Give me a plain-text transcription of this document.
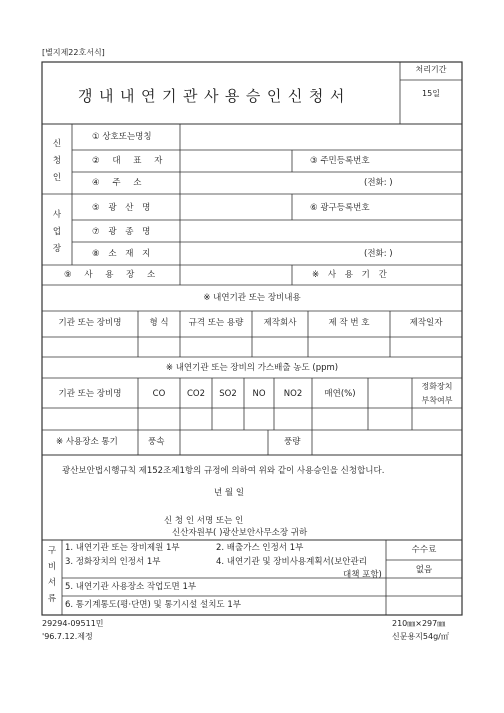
[별지제22호서식]
갱내내연기관사용승인신청서
처리기간
15일
신
청
인
① 상호또는명칭
② 대 표 자	③ 주민등록번호
④ 주 소	(전화: )
사
업
장
⑤ 광 산 명	⑥ 광구등록번호
⑦ 광 종 명
⑧ 소 재 지	(전화: )
⑨ 사 용 장 소	※ 사 용 기 간
※ 내연기관 또는 장비내용
기관 또는 장비명	형 식	규격 또는 용량	제작회사	제 작 번 호	제작일자
※ 내연기관 또는 장비의 가스배출 농도 (ppm)
기관 또는 장비명	CO	CO2	SO2	NO	NO2	매연(%)
정화장치
부착여부
※ 사용장소 통기	풍속	풍량
광산보안법시행규칙 제152조제1항의 규정에 의하여 위와 같이 사용승인을 신청합니다.
년 월 일
신 청 인 서명 또는 인
신산자원부( )광산보안사무소장 귀하
구
비
서
류
1. 내연기관 또는 장비제원 1부	2. 배출가스 인정서 1부
3. 정화장치의 인정서 1부	4. 내연기관 및 장비사용계획서(보안관리
대책 포함)
5. 내연기관 사용장소 작업도면 1부
6. 통기계통도(평·단면) 및 통기시설 설치도 1부
수수료
없음
29294-09511민	210㎜×297㎜
'96.7.12.제정	신문용지54g/㎡
